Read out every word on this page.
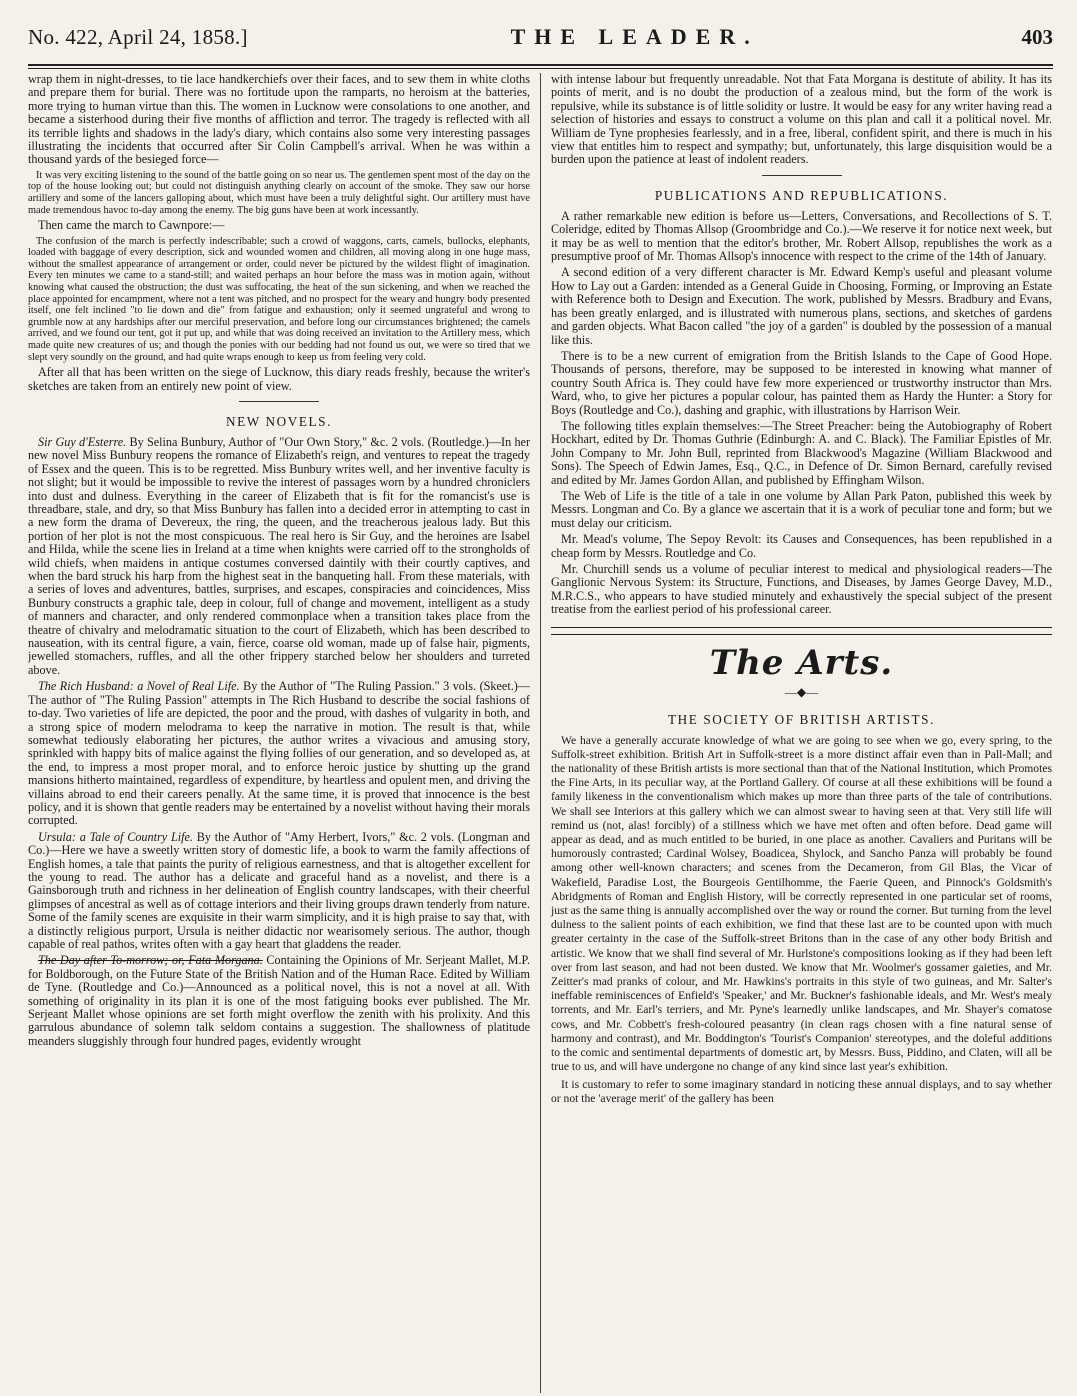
No. 422, April 24, 1858.]	THE LEADER.	403

wrap them in night-dresses, to tie lace handkerchiefs over their faces, and to sew them in white cloths and prepare them for burial. There was no fortitude upon the ramparts, no heroism at the batteries, more trying to human virtue than this. The women in Lucknow were consolations to one another, and became a sisterhood during their five months of affliction and terror. The tragedy is reflected with all its terrible lights and shadows in the lady's diary, which contains also some very interesting passages illustrating the incidents that occurred after Sir Colin Campbell's arrival. When he was within a thousand yards of the besieged force—

It was very exciting listening to the sound of the battle going on so near us. The gentlemen spent most of the day on the top of the house looking out; but could not distinguish anything clearly on account of the smoke. They saw our horse artillery and some of the lancers galloping about, which must have been a truly delightful sight. Our artillery must have made tremendous havoc to-day among the enemy. The big guns have been at work incessantly.

Then came the march to Cawnpore:—

The confusion of the march is perfectly indescribable; such a crowd of waggons, carts, camels, bullocks, elephants, loaded with baggage of every description, sick and wounded women and children, all moving along in one huge mass, without the smallest appearance of arrangement or order, could never be pictured by the wildest flight of imagination. Every ten minutes we came to a stand-still; and waited perhaps an hour before the mass was in motion again, without knowing what caused the obstruction; the dust was suffocating, the heat of the sun sickening, and when we reached the place appointed for encampment, where not a tent was pitched, and no prospect for the weary and hungry body presented itself, one felt inclined "to lie down and die" from fatigue and exhaustion; only it seemed ungrateful and wrong to grumble now at any hardships after our merciful preservation, and before long our circumstances brightened; the camels arrived, and we found our tent, got it put up, and while that was doing received an invitation to the Artillery mess, which made quite new creatures of us; and though the ponies with our bedding had not found us out, we were so tired that we slept very soundly on the ground, and had quite wraps enough to keep us from feeling very cold.

After all that has been written on the siege of Lucknow, this diary reads freshly, because the writer's sketches are taken from an entirely new point of view.

NEW NOVELS.

Sir Guy d'Esterre. By Selina Bunbury, Author of "Our Own Story," &c. 2 vols. (Routledge.)—In her new novel Miss Bunbury reopens the romance of Elizabeth's reign, and ventures to repeat the tragedy of Essex and the queen. This is to be regretted. Miss Bunbury writes well, and her inventive faculty is not slight; but it would be impossible to revive the interest of passages worn by a hundred chroniclers into dust and dulness. Everything in the career of Elizabeth that is fit for the romancist's use is threadbare, stale, and dry, so that Miss Bunbury has fallen into a decided error in attempting to cast in a new form the drama of Devereux, the ring, the queen, and the treacherous jealous lady. But this portion of her plot is not the most conspicuous. The real hero is Sir Guy, and the heroines are Isabel and Hilda, while the scene lies in Ireland at a time when knights were carried off to the strongholds of wild chiefs, when maidens in antique costumes conversed daintily with their courtly captives, and when the bard struck his harp from the highest seat in the banqueting hall. From these materials, with a series of loves and adventures, battles, surprises, and escapes, conspiracies and coincidences, Miss Bunbury constructs a graphic tale, deep in colour, full of change and movement, intelligent as a study of manners and character, and only rendered commonplace when a transition takes place from the theatre of chivalry and melodramatic situation to the court of Elizabeth, which has been described to nauseation, with its central figure, a vain, fierce, coarse old woman, made up of false hair, pigments, jewelled stomachers, ruffles, and all the other frippery starched below her shoulders and turreted above.

The Rich Husband: a Novel of Real Life. By the Author of "The Ruling Passion." 3 vols. (Skeet.)—The author of "The Ruling Passion" attempts in The Rich Husband to describe the social fashions of to-day. Two varieties of life are depicted, the poor and the proud, with dashes of vulgarity in both, and a strong spice of modern melodrama to keep the narrative in motion. The result is that, while somewhat tediously elaborating her pictures, the author writes a vivacious and amusing story, sprinkled with happy bits of malice against the flying follies of our generation, and so developed as, at the end, to impress a most proper moral, and to enforce heroic justice by shutting up the grand mansions hitherto maintained, regardless of expenditure, by heartless and opulent men, and driving the villains abroad to end their careers penally. At the same time, it is proved that innocence is the best policy, and it is shown that gentle readers may be entertained by a novelist without having their morals corrupted.

Ursula: a Tale of Country Life. By the Author of "Amy Herbert, Ivors," &c. 2 vols. (Longman and Co.)—Here we have a sweetly written story of domestic life, a book to warm the family affections of English homes, a tale that paints the purity of religious earnestness, and that is altogether excellent for the young to read. The author has a delicate and graceful hand as a novelist, and there is a Gainsborough truth and richness in her delineation of English country landscapes, with their cheerful glimpses of ancestral as well as of cottage interiors and their living groups drawn tenderly from nature. Some of the family scenes are exquisite in their warm simplicity, and it is high praise to say that, with a distinctly religious purport, Ursula is neither didactic nor wearisomely serious. The author, though capable of real pathos, writes often with a gay heart that gladdens the reader.

The Day after To-morrow; or, Fata Morgana. Containing the Opinions of Mr. Serjeant Mallet, M.P. for Boldborough, on the Future State of the British Nation and of the Human Race. Edited by William de Tyne. (Routledge and Co.)—Announced as a political novel, this is not a novel at all. With something of originality in its plan it is one of the most fatiguing books ever published. The Mr. Serjeant Mallet whose opinions are set forth might overflow the zenith with his prolixity. And this garrulous abundance of solemn talk seldom contains a suggestion. The shallowness of platitude meanders sluggishly through four hundred pages, evidently wrought

with intense labour but frequently unreadable. Not that Fata Morgana is destitute of ability. It has its points of merit, and is no doubt the production of a zealous mind, but the form of the work is repulsive, while its substance is of little solidity or lustre. It would be easy for any writer having read a selection of histories and essays to construct a volume on this plan and call it a political novel. Mr. William de Tyne prophesies fearlessly, and in a free, liberal, confident spirit, and there is much in his view that entitles him to respect and sympathy; but, unfortunately, this large disquisition would be a burden upon the patience at least of indolent readers.

PUBLICATIONS AND REPUBLICATIONS.

A rather remarkable new edition is before us—Letters, Conversations, and Recollections of S. T. Coleridge, edited by Thomas Allsop (Groombridge and Co.).—We reserve it for notice next week, but it may be as well to mention that the editor's brother, Mr. Robert Allsop, republishes the work as a presumptive proof of Mr. Thomas Allsop's innocence with respect to the crime of the 14th of January.

A second edition of a very different character is Mr. Edward Kemp's useful and pleasant volume How to Lay out a Garden: intended as a General Guide in Choosing, Forming, or Improving an Estate with Reference both to Design and Execution. The work, published by Messrs. Bradbury and Evans, has been greatly enlarged, and is illustrated with numerous plans, sections, and sketches of gardens and garden objects. What Bacon called "the joy of a garden" is doubled by the possession of a manual like this.

There is to be a new current of emigration from the British Islands to the Cape of Good Hope. Thousands of persons, therefore, may be supposed to be interested in knowing what manner of country South Africa is. They could have few more experienced or trustworthy instructor than Mrs. Ward, who, to give her pictures a popular colour, has painted them as Hardy the Hunter: a Story for Boys (Routledge and Co.), dashing and graphic, with illustrations by Harrison Weir.

The following titles explain themselves:—The Street Preacher: being the Autobiography of Robert Hockhart, edited by Dr. Thomas Guthrie (Edinburgh: A. and C. Black). The Familiar Epistles of Mr. John Company to Mr. John Bull, reprinted from Blackwood's Magazine (William Blackwood and Sons). The Speech of Edwin James, Esq., Q.C., in Defence of Dr. Simon Bernard, carefully revised and edited by Mr. James Gordon Allan, and published by Effingham Wilson.

The Web of Life is the title of a tale in one volume by Allan Park Paton, published this week by Messrs. Longman and Co. By a glance we ascertain that it is a work of peculiar tone and form; but we must delay our criticism.

Mr. Mead's volume, The Sepoy Revolt: its Causes and Consequences, has been republished in a cheap form by Messrs. Routledge and Co.

Mr. Churchill sends us a volume of peculiar interest to medical and physiological readers—The Ganglionic Nervous System: its Structure, Functions, and Diseases, by James George Davey, M.D., M.R.C.S., who appears to have studied minutely and exhaustively the special subject of the present treatise from the earliest period of his professional career.

The Arts.
—◆—
THE SOCIETY OF BRITISH ARTISTS.

We have a generally accurate knowledge of what we are going to see when we go, every spring, to the Suffolk-street exhibition. British Art in Suffolk-street is a more distinct affair even than in Pall-Mall; and the nationality of these British artists is more sectional than that of the National Institution, which Promotes the Fine Arts, in its peculiar way, at the Portland Gallery. Of course at all these exhibitions will be found a family likeness in the conventionalism which makes up more than three parts of the tale of contributions. We shall see Interiors at this gallery which we can almost swear to having seen at that. Very still life will remind us (not, alas! forcibly) of a stillness which we have met often and often before. Dead game will appear as dead, and as much entitled to be buried, in one place as another. Cavaliers and Puritans will be humorously contrasted; Cardinal Wolsey, Boadicea, Shylock, and Sancho Panza will probably be found among other well-known characters; and scenes from the Decameron, from Gil Blas, the Vicar of Wakefield, Paradise Lost, the Bourgeois Gentilhomme, the Faerie Queen, and Pinnock's Goldsmith's Abridgments of Roman and English History, will be correctly represented in one particular set of rooms, just as the same thing is annually accomplished over the way or round the corner. But turning from the level dulness to the salient points of each exhibition, we find that these last are to be counted upon with much greater certainty in the case of the Suffolk-street Britons than in the case of any other body British and artistic. We know that we shall find several of Mr. Hurlstone's compositions looking as if they had been left over from last season, and had not been dusted. We know that Mr. Woolmer's gossamer gaieties, and Mr. Zeitter's mad pranks of colour, and Mr. Hawkins's portraits in this style of two guineas, and Mr. Salter's ineffable reminiscences of Enfield's 'Speaker,' and Mr. Buckner's fashionable ideals, and Mr. West's mealy torrents, and Mr. Earl's terriers, and Mr. Pyne's learnedly unlike landscapes, and Mr. Shayer's comatose cows, and Mr. Cobbett's fresh-coloured peasantry (in clean rags chosen with a fine natural sense of harmony and contrast), and Mr. Boddington's 'Tourist's Companion' stereotypes, and the doleful additions to the comic and sentimental departments of domestic art, by Messrs. Buss, Piddino, and Claten, will all be true to us, and will have undergone no change of any kind since last year's exhibition.

It is customary to refer to some imaginary standard in noticing these annual displays, and to say whether or not the 'average merit' of the gallery has been
